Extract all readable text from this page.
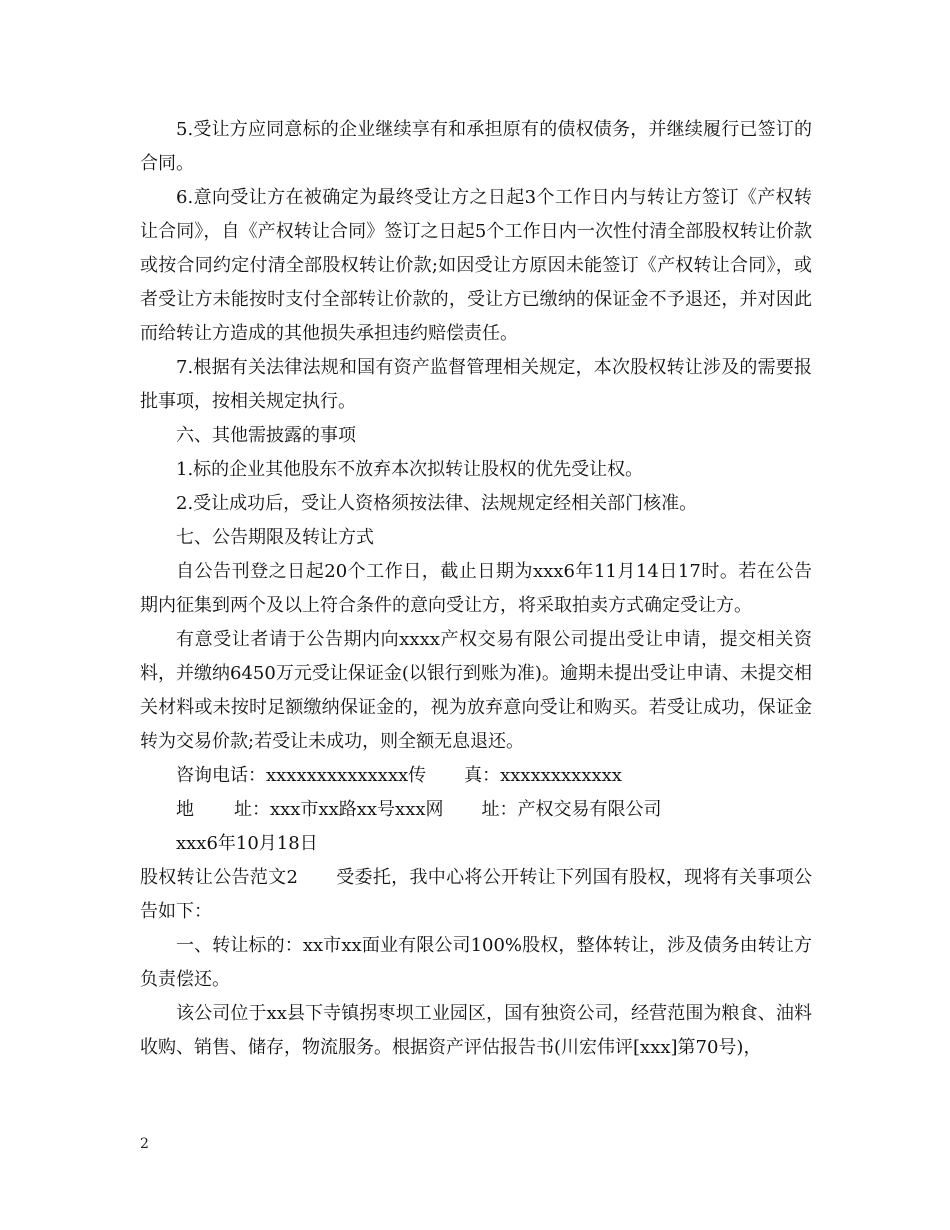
5.受让方应同意标的企业继续享有和承担原有的债权债务，并继续履行已签订的合同。

6.意向受让方在被确定为最终受让方之日起3个工作日内与转让方签订《产权转让合同》，自《产权转让合同》签订之日起5个工作日内一次性付清全部股权转让价款或按合同约定付清全部股权转让价款;如因受让方原因未能签订《产权转让合同》，或者受让方未能按时支付全部转让价款的，受让方已缴纳的保证金不予退还，并对因此而给转让方造成的其他损失承担违约赔偿责任。

7.根据有关法律法规和国有资产监督管理相关规定，本次股权转让涉及的需要报批事项，按相关规定执行。

六、其他需披露的事项

1.标的企业其他股东不放弃本次拟转让股权的优先受让权。

2.受让成功后，受让人资格须按法律、法规规定经相关部门核准。

七、公告期限及转让方式

自公告刊登之日起20个工作日，截止日期为xxx6年11月14日17时。若在公告期内征集到两个及以上符合条件的意向受让方，将采取拍卖方式确定受让方。

有意受让者请于公告期内向xxxx产权交易有限公司提出受让申请，提交相关资料，并缴纳6450万元受让保证金(以银行到账为准)。逾期未提出受让申请、未提交相关材料或未按时足额缴纳保证金的，视为放弃意向受让和购买。若受让成功，保证金转为交易价款;若受让未成功，则全额无息退还。

咨询电话：xxxxxxxxxxxxxx传 真：xxxxxxxxxxxx

地 址：xxx市xx路xx号xxx网 址：产权交易有限公司

xxx6年10月18日

股权转让公告范文2 受委托，我中心将公开转让下列国有股权，现将有关事项公告如下：

一、转让标的：xx市xx面业有限公司100%股权，整体转让，涉及债务由转让方负责偿还。

该公司位于xx县下寺镇拐枣坝工业园区，国有独资公司，经营范围为粮食、油料收购、销售、储存，物流服务。根据资产评估报告书(川宏伟评[xxx]第70号)，

2
